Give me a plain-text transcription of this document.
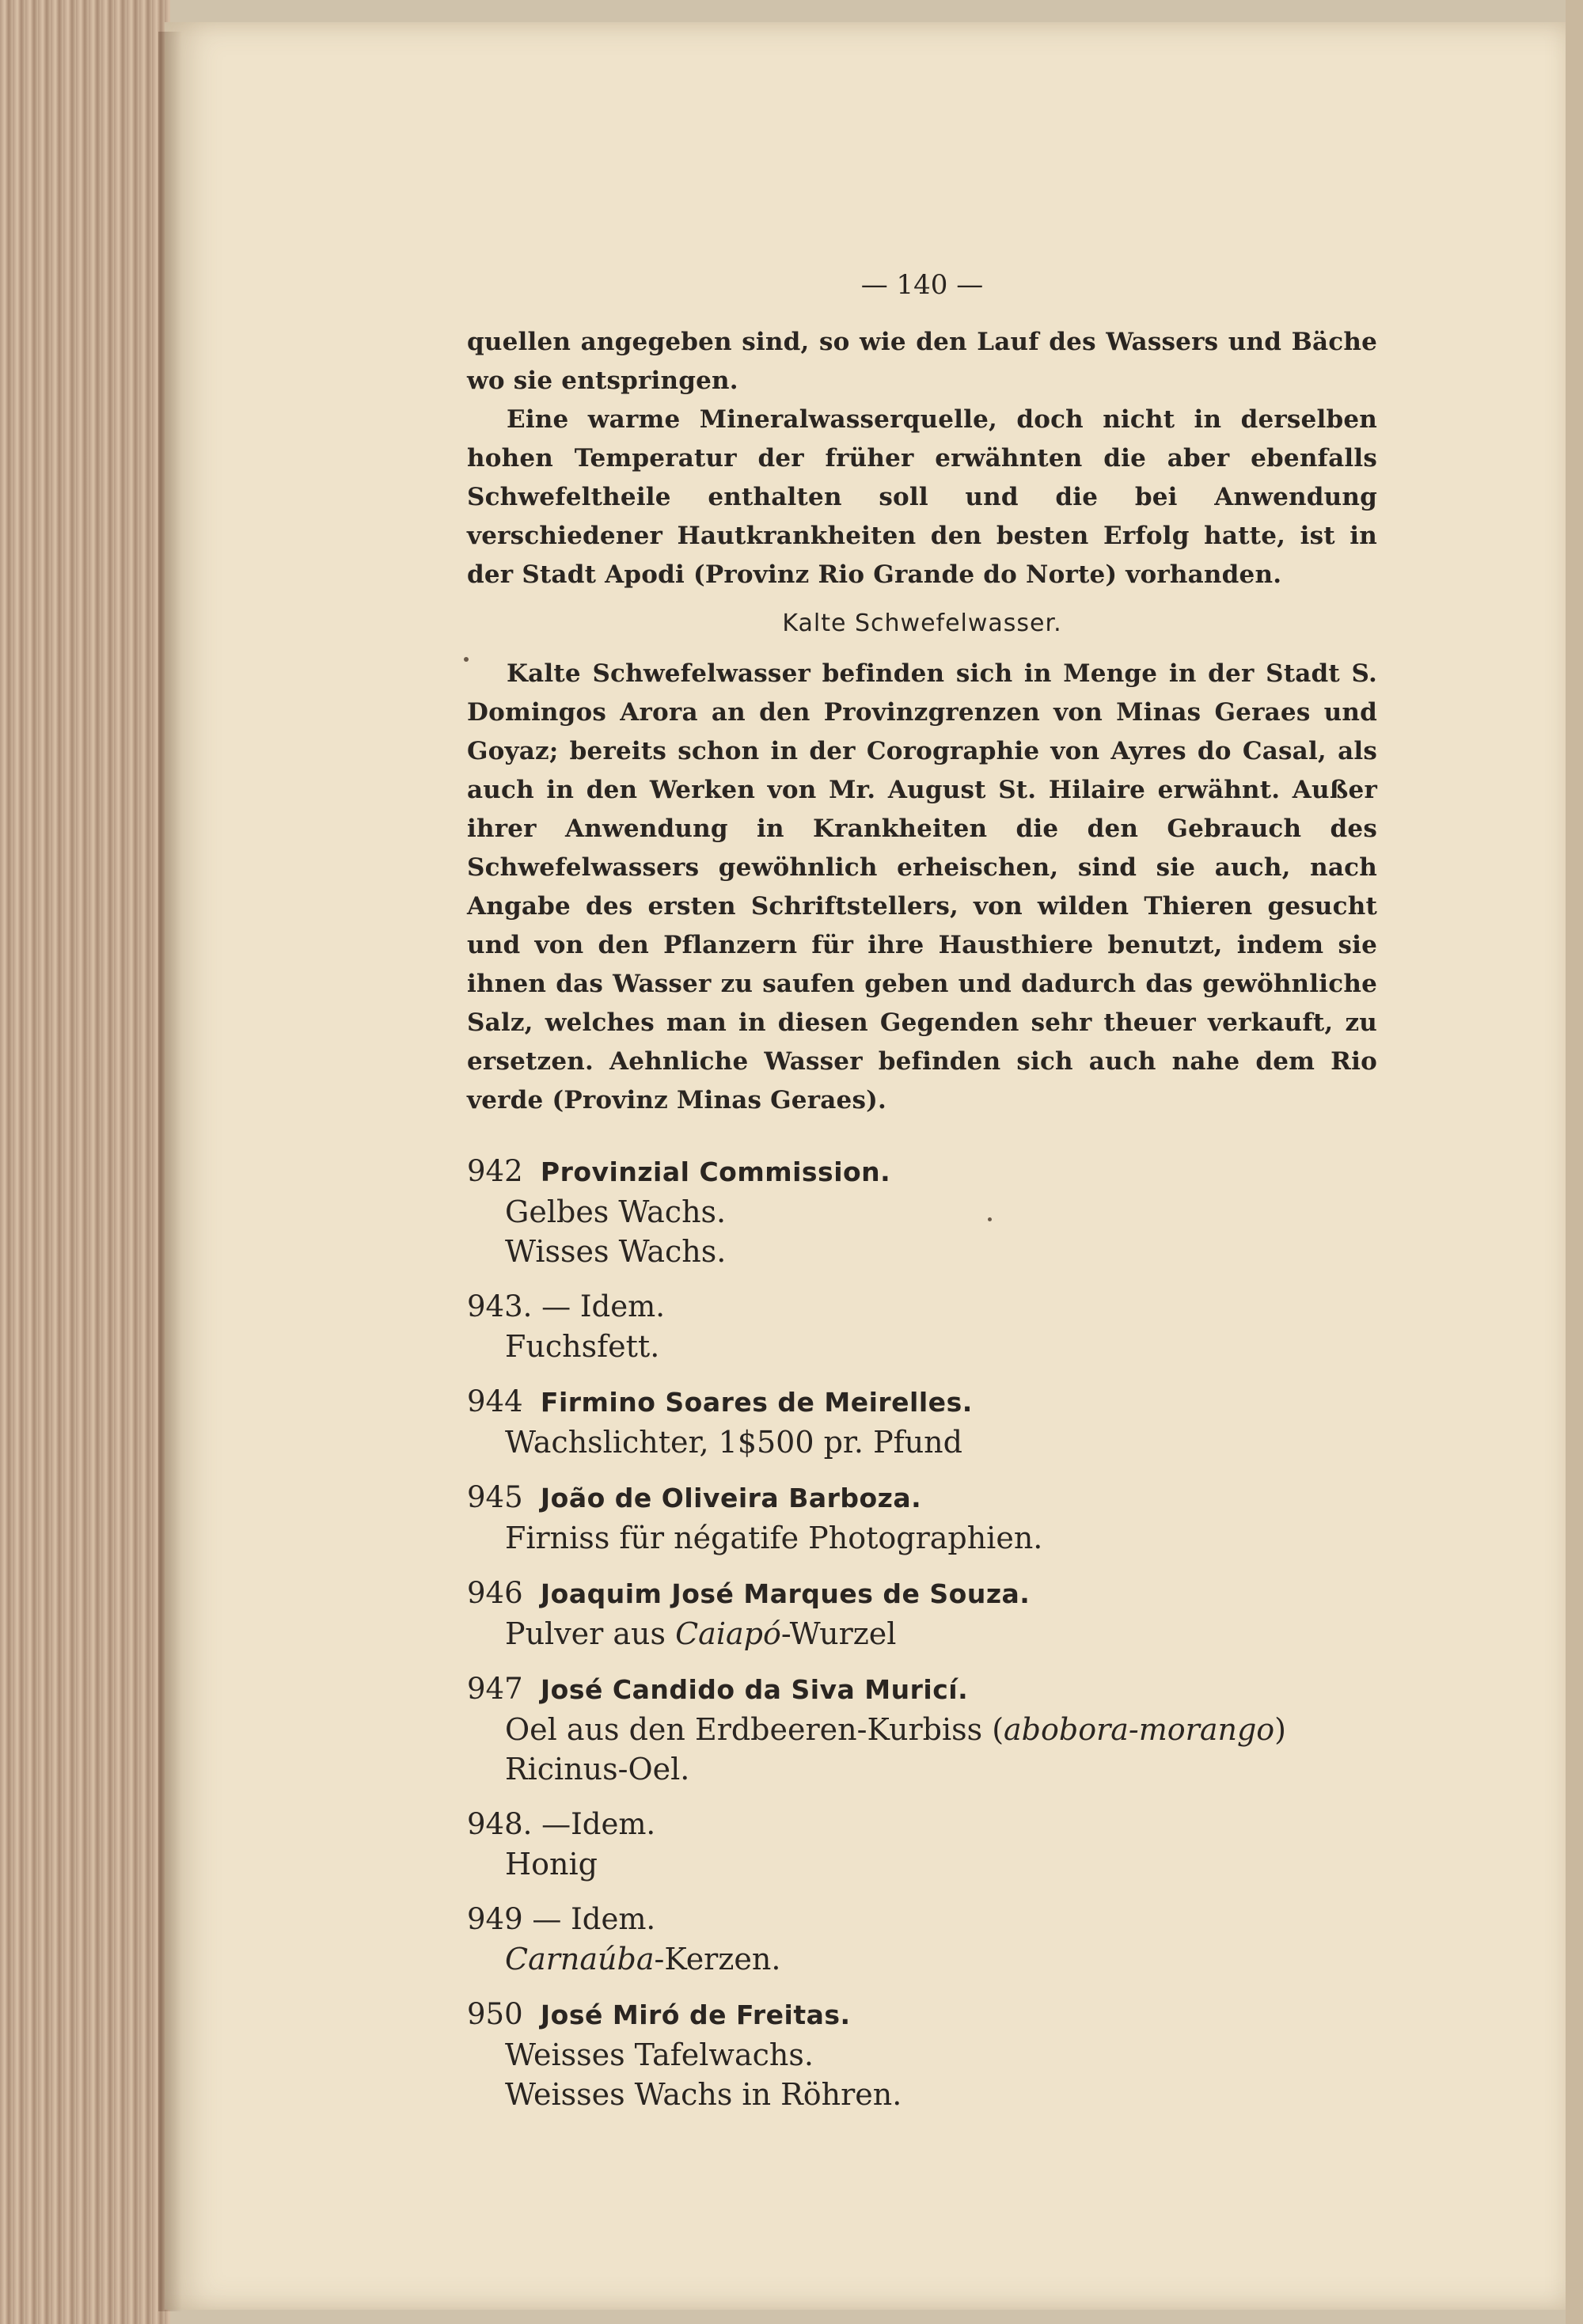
— 140 —

quellen angegeben sind, so wie den Lauf des Wassers und Bäche wo sie entspringen.

Eine warme Mineralwasserquelle, doch nicht in derselben hohen Temperatur der früher erwähnten die aber ebenfalls Schwefeltheile enthalten soll und die bei Anwendung verschiedener Hautkrankheiten den besten Erfolg hatte, ist in der Stadt Apodi (Provinz Rio Grande do Norte) vorhanden.

Kalte Schwefelwasser.

Kalte Schwefelwasser befinden sich in Menge in der Stadt S. Domingos Arora an den Provinzgrenzen von Minas Geraes und Goyaz; bereits schon in der Corographie von Ayres do Casal, als auch in den Werken von Mr. August St. Hilaire erwähnt. Außer ihrer Anwendung in Krankheiten die den Gebrauch des Schwefelwassers gewöhnlich erheischen, sind sie auch, nach Angabe des ersten Schriftstellers, von wilden Thieren gesucht und von den Pflanzern für ihre Hausthiere benutzt, indem sie ihnen das Wasser zu saufen geben und dadurch das gewöhnliche Salz, welches man in diesen Gegenden sehr theuer verkauft, zu ersetzen. Aehnliche Wasser befinden sich auch nahe dem Rio verde (Provinz Minas Geraes).

942 Provinzial Commission.
Gelbes Wachs.
Wisses Wachs.
943. — Idem.
Fuchsfett.
944 Firmino Soares de Meirelles.
Wachslichter, 1$500 pr. Pfund
945 João de Oliveira Barboza.
Firniss für négatife Photographien.
946 Joaquim José Marques de Souza.
Pulver aus Caiapó-Wurzel
947 José Candido da Siva Muricí.
Oel aus den Erdbeeren-Kurbiss (abobora-morango)
Ricinus-Oel.
948. —Idem.
Honig
949 — Idem.
Carnaúba-Kerzen.
950 José Miró de Freitas.
Weisses Tafelwachs.
Weisses Wachs in Röhren.
